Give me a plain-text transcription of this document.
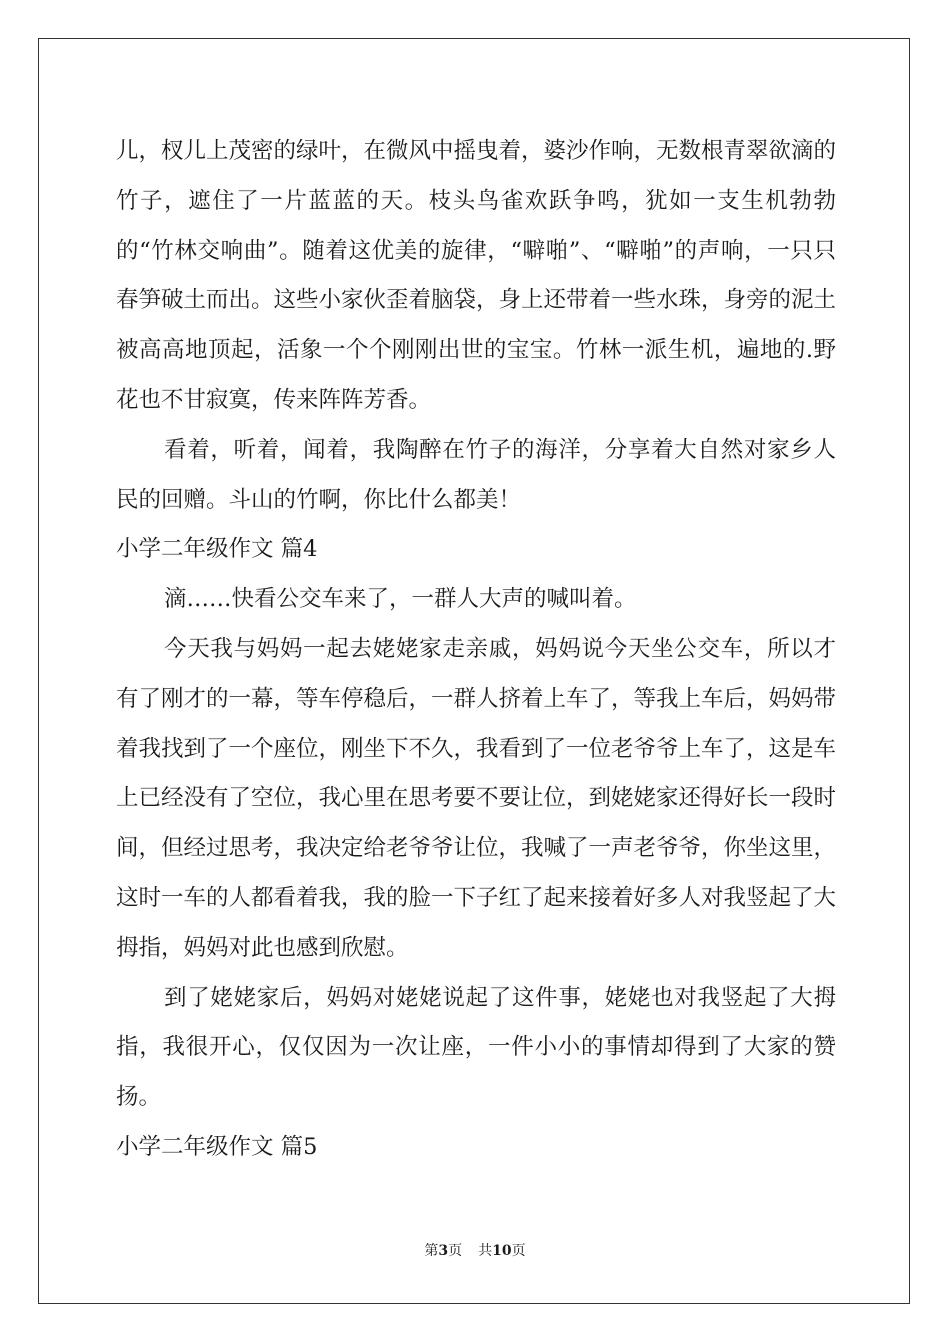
儿，杈儿上茂密的绿叶，在微风中摇曳着，婆沙作响，无数根青翠欲滴的竹子，遮住了一片蓝蓝的天。枝头鸟雀欢跃争鸣，犹如一支生机勃勃的“竹林交响曲”。随着这优美的旋律，“噼啪”、“噼啪”的声响，一只只春笋破土而出。这些小家伙歪着脑袋，身上还带着一些水珠，身旁的泥土被高高地顶起，活象一个个刚刚出世的宝宝。竹林一派生机，遍地的.野花也不甘寂寞，传来阵阵芳香。

看着，听着，闻着，我陶醉在竹子的海洋，分享着大自然对家乡人民的回赠。斗山的竹啊，你比什么都美！

小学二年级作文 篇4

滴……快看公交车来了，一群人大声的喊叫着。

今天我与妈妈一起去姥姥家走亲戚，妈妈说今天坐公交车，所以才有了刚才的一幕，等车停稳后，一群人挤着上车了，等我上车后，妈妈带着我找到了一个座位，刚坐下不久，我看到了一位老爷爷上车了，这是车上已经没有了空位，我心里在思考要不要让位，到姥姥家还得好长一段时间，但经过思考，我决定给老爷爷让位，我喊了一声老爷爷，你坐这里，这时一车的人都看着我，我的脸一下子红了起来接着好多人对我竖起了大拇指，妈妈对此也感到欣慰。

到了姥姥家后，妈妈对姥姥说起了这件事，姥姥也对我竖起了大拇指，我很开心，仅仅因为一次让座，一件小小的事情却得到了大家的赞扬。

小学二年级作文 篇5

第3页 共10页
